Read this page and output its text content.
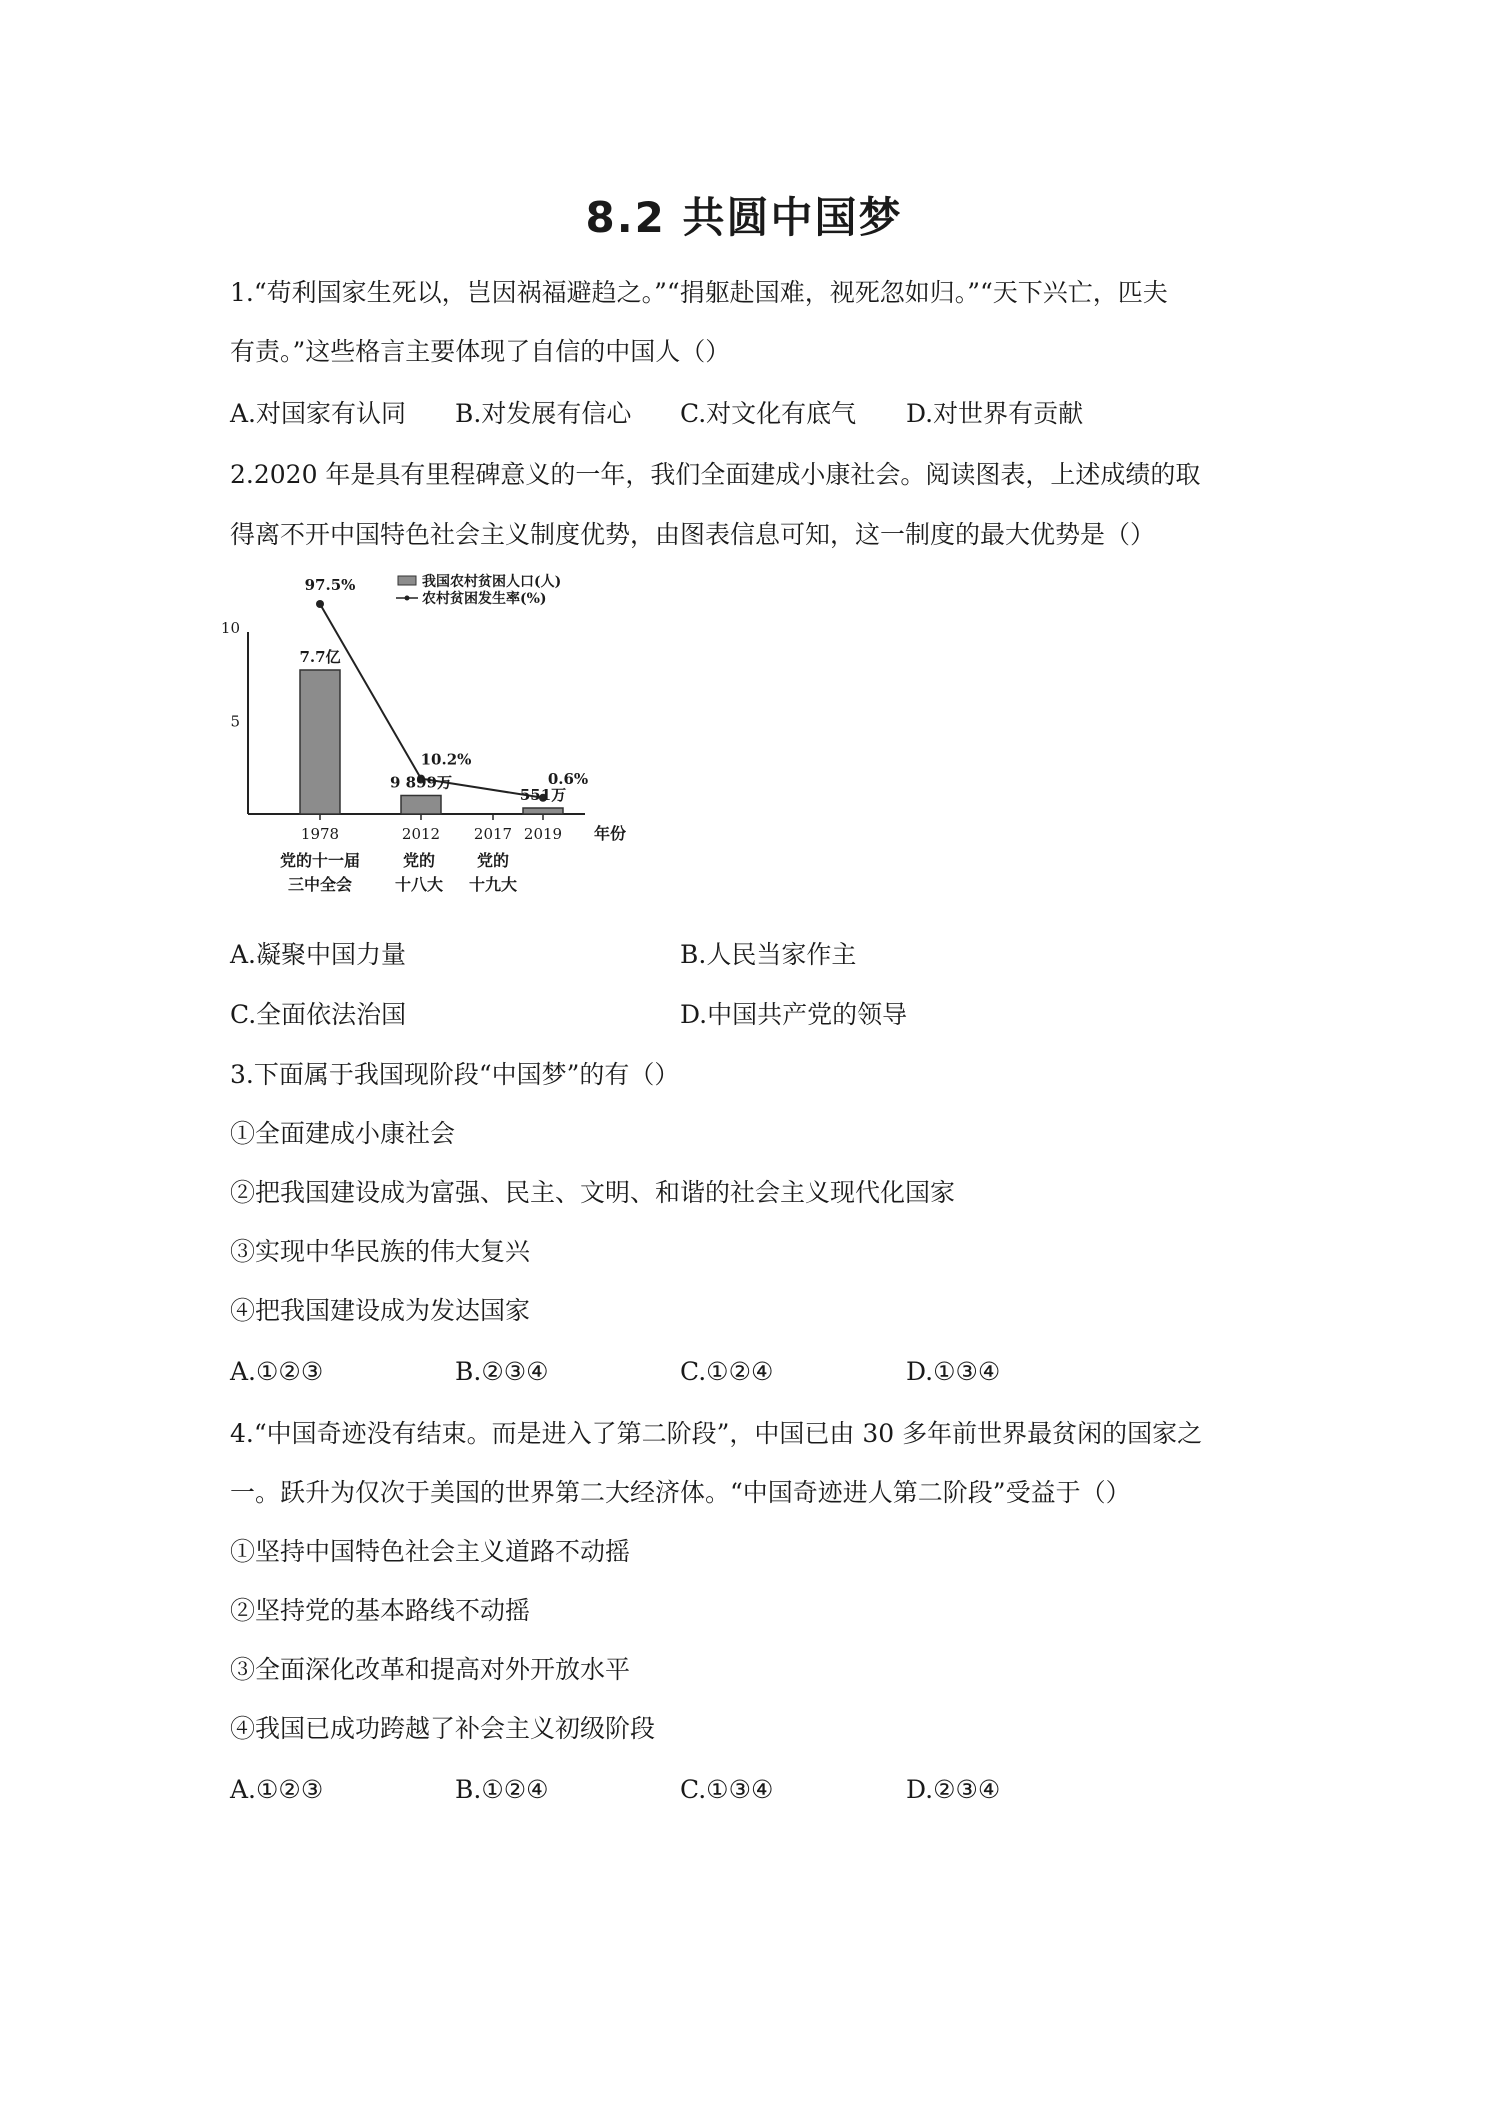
8.2 共圆中国梦
1.“苟利国家生死以，岂因祸福避趋之。”“捐躯赴国难，视死忽如归。”“天下兴亡，匹夫
有责。”这些格言主要体现了自信的中国人（）
A.对国家有认同 B.对发展有信心 C.对文化有底气 D.对世界有贡献
2.2020 年是具有里程碑意义的一年，我们全面建成小康社会。阅读图表，上述成绩的取
得离不开中国特色社会主义制度优势，由图表信息可知，这一制度的最大优势是（）
5
10
1978
党的十一届
三中全会
2012
党的
十八大
2017
党的
十九大
2019 年份
7.7亿
9 899万
551万
97.5%
10.2%
0.6%
我国农村贫困人口(人)
农村贫困发生率(%)
A.凝聚中国力量	B.人民当家作主
C.全面依法治国	D.中国共产党的领导
3.下面属于我国现阶段“中国梦”的有（）
①全面建成小康社会
②把我国建设成为富强、民主、文明、和谐的社会主义现代化国家
③实现中华民族的伟大复兴
④把我国建设成为发达国家
A.①②③	B.②③④	C.①②④	D.①③④
4.“中国奇迹没有结束。而是进入了第二阶段”，中国已由 30 多年前世界最贫闲的国家之
一。跃升为仅次于美国的世界第二大经济体。“中国奇迹进人第二阶段”受益于（）
①坚持中国特色社会主义道路不动摇
②坚持党的基本路线不动摇
③全面深化改革和提高对外开放水平
④我国已成功跨越了补会主义初级阶段
A.①②③	B.①②④	C.①③④	D.②③④
